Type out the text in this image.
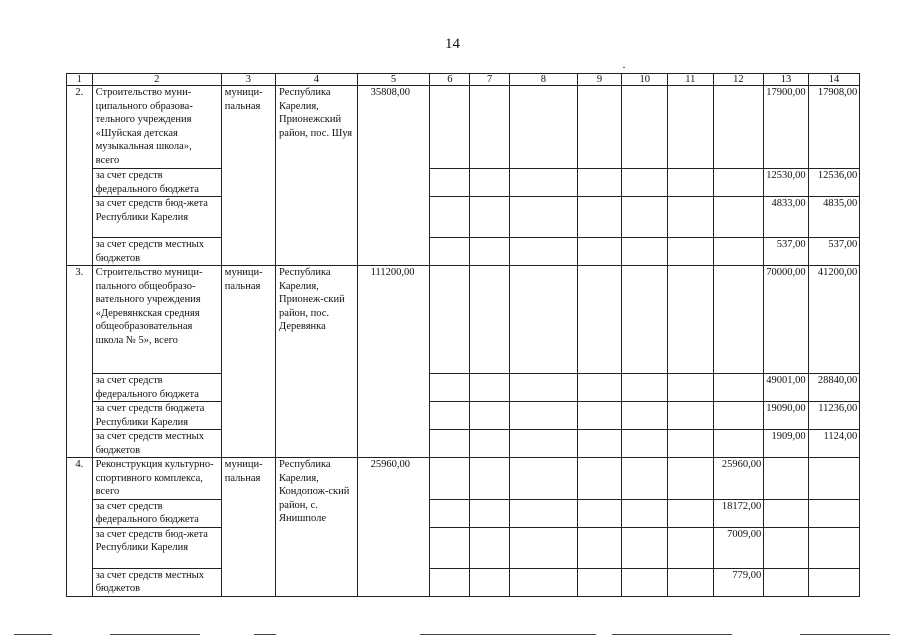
14
1	2	3	4	5	6	7	8	9	10	11	12	13	14
2.	Строительство муни-ципального образова-тельного учреждения «Шуйская детская музыкальная школа», всего	муници-пальная	Республика Карелия, Прионежский район, пос. Шуя	35808,00								17900,00	17908,00
	за счет средств федерального бюджета											12530,00	12536,00
	за счет средств бюд-жета Республики Карелия											4833,00	4835,00
	за счет средств местных бюджетов											537,00	537,00
3.	Строительство муници-пального общеобразо-вательного учреждения «Деревянкская средняя общеобразовательная школа № 5», всего	муници-пальная	Республика Карелия, Прионеж-ский район, пос. Деревянка	111200,00								70000,00	41200,00
	за счет средств федерального бюджета											49001,00	28840,00
	за счет средств бюджета Республики Карелия											19090,00	11236,00
	за счет средств местных бюджетов											1909,00	1124,00
4.	Реконструкция культурно-спортивного комплекса, всего	муници-пальная	Республика Карелия, Кондопож-ский район, с. Янишполе	25960,00							25960,00		
	за счет средств федерального бюджета										18172,00		
	за счет средств бюд-жета Республики Карелия										7009,00		
	за счет средств местных бюджетов										779,00		
